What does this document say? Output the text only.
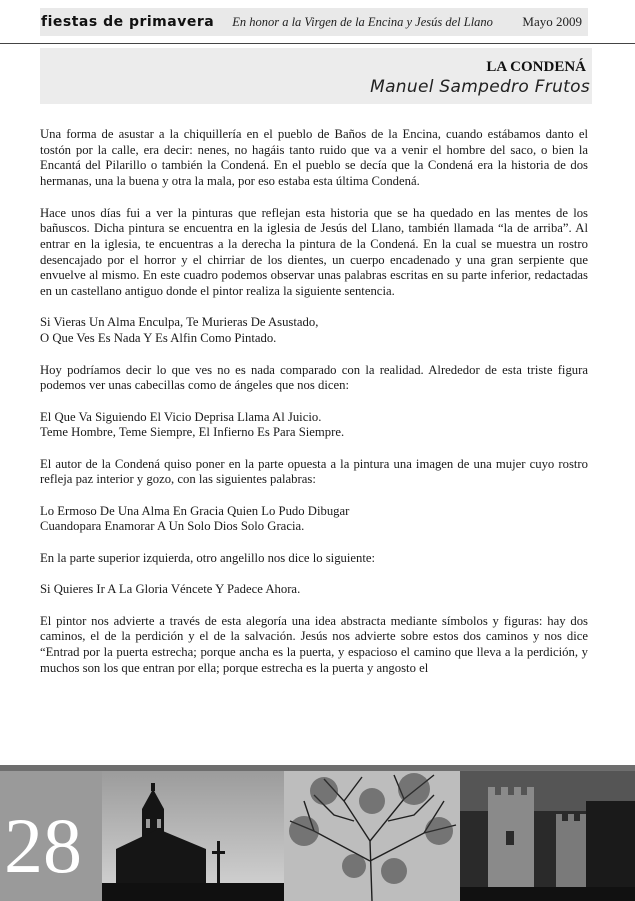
fiestas de primavera En honor a la Virgen de la Encina y Jesús del Llano Mayo 2009
LA CONDENÁ
Manuel Sampedro Frutos

Una forma de asustar a la chiquillería en el pueblo de Baños de la Encina, cuando estábamos danto el tostón por la calle, era decir: nenes, no hagáis tanto ruido que va a venir el hombre del saco, o bien la Encantá del Pilarillo o también la Condená. En el pueblo se decía que la Condená era la historia de dos hermanas, una la buena y otra la mala, por eso estaba esta última Condená.

Hace unos días fui a ver la pinturas que reflejan esta historia que se ha quedado en las mentes de los bañuscos. Dicha pintura se encuentra en la iglesia de Jesús del Llano, también llamada “la de arriba”. Al entrar en la iglesia, te encuentras a la derecha la pintura de la Condená. En la cual se muestra un rostro desencajado por el horror y el chirriar de los dientes, un cuerpo encadenado y una gran serpiente que envuelve al mismo. En este cuadro podemos observar unas palabras escritas en su parte inferior, redactadas en un castellano antiguo donde el pintor realiza la siguiente sentencia.

Si Vieras Un Alma Enculpa, Te Murieras De Asustado,
O Que Ves Es Nada Y Es Alfin Como Pintado.

Hoy podríamos decir lo que ves no es nada comparado con la realidad. Alrededor de esta triste figura podemos ver unas cabecillas como de ángeles que nos dicen:

El Que Va Siguiendo El Vicio Deprisa Llama Al Juicio.
Teme Hombre, Teme Siempre, El Infierno Es Para Siempre.

El autor de la Condená quiso poner en la parte opuesta a la pintura una imagen de una mujer cuyo rostro refleja paz interior y gozo, con las siguientes palabras:

Lo Ermoso De Una Alma En Gracia Quien Lo Pudo Dibugar
Cuandopara Enamorar A Un Solo Dios Solo Gracia.

En la parte superior izquierda, otro angelillo nos dice lo siguiente:

Si Quieres Ir A La Gloria Véncete Y Padece Ahora.

El pintor nos advierte a través de esta alegoría una idea abstracta mediante símbolos y figuras: hay dos caminos, el de la perdición y el de la salvación. Jesús nos advierte sobre estos dos caminos y nos dice “Entrad por la puerta estrecha; porque ancha es la puerta, y espacioso el camino que lleva a la perdición, y muchos son los que entran por ella; porque estrecha es la puerta y angosto el

28
